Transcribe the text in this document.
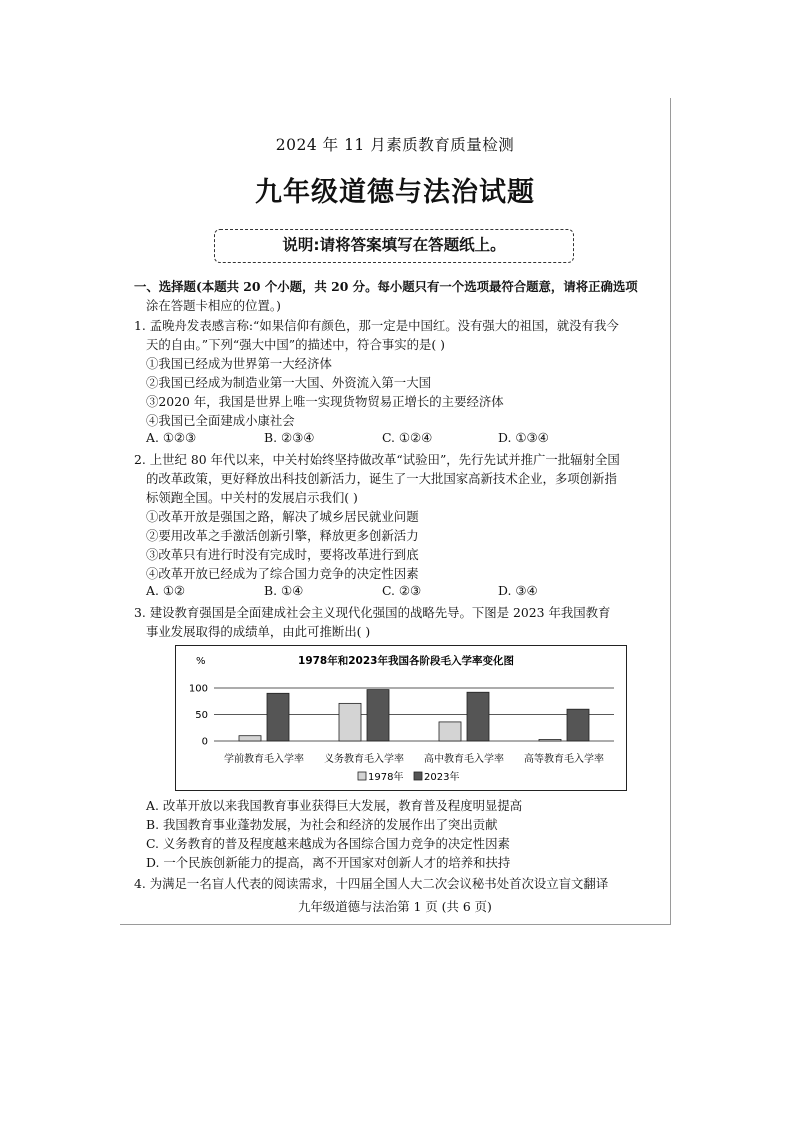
2024 年 11 月素质教育质量检测
九年级道德与法治试题
说明:请将答案填写在答题纸上。
一、选择题(本题共 20 个小题，共 20 分。每小题只有一个选项最符合题意，请将正确选项
涂在答题卡相应的位置。)
1. 孟晚舟发表感言称:“如果信仰有颜色，那一定是中国红。没有强大的祖国，就没有我今
天的自由。”下列“强大中国”的描述中，符合事实的是( )
①我国已经成为世界第一大经济体
②我国已经成为制造业第一大国、外资流入第一大国
③2020 年，我国是世界上唯一实现货物贸易正增长的主要经济体
④我国已全面建成小康社会
A. ①②③	B. ②③④	C. ①②④	D. ①③④
2. 上世纪 80 年代以来，中关村始终坚持做改革“试验田”，先行先试并推广一批辐射全国
的改革政策，更好释放出科技创新活力，诞生了一大批国家高新技术企业，多项创新指
标领跑全国。中关村的发展启示我们( )
①改革开放是强国之路，解决了城乡居民就业问题
②要用改革之手激活创新引擎，释放更多创新活力
③改革只有进行时没有完成时，要将改革进行到底
④改革开放已经成为了综合国力竞争的决定性因素
A. ①②	B. ①④	C. ②③	D. ③④
3. 建设教育强国是全面建成社会主义现代化强国的战略先导。下图是 2023 年我国教育
事业发展取得的成绩单，由此可推断出( )
%	1978年和2023年我国各阶段毛入学率变化图
0
50
100
学前教育毛入学率 义务教育毛入学率 高中教育毛入学率 高等教育毛入学率
1978年 2023年
A. 改革开放以来我国教育事业获得巨大发展，教育普及程度明显提高
B. 我国教育事业蓬勃发展，为社会和经济的发展作出了突出贡献
C. 义务教育的普及程度越来越成为各国综合国力竞争的决定性因素
D. 一个民族创新能力的提高，离不开国家对创新人才的培养和扶持
4. 为满足一名盲人代表的阅读需求，十四届全国人大二次会议秘书处首次设立盲文翻译
九年级道德与法治第 1 页 (共 6 页)
